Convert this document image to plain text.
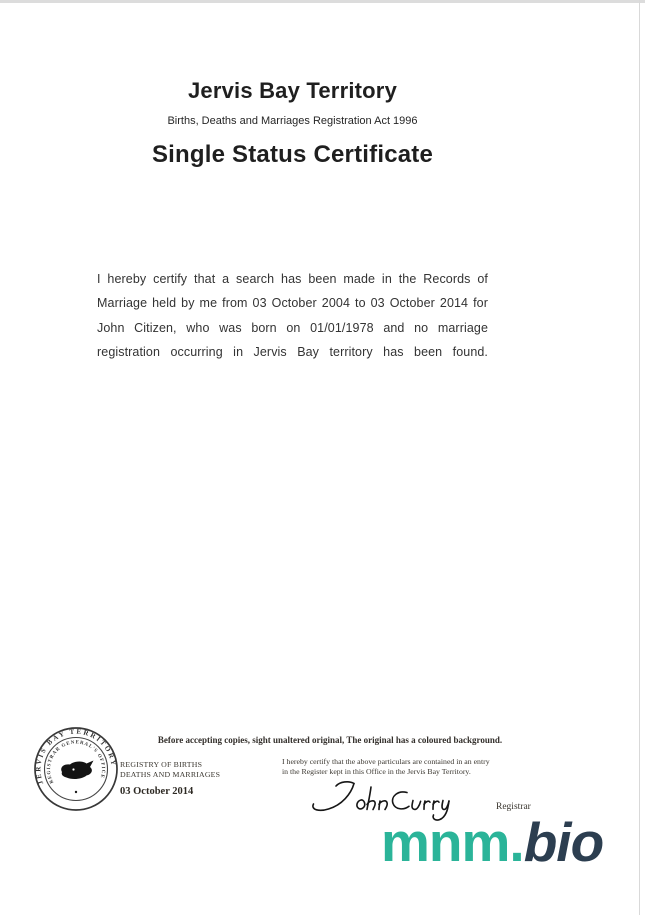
Jervis Bay Territory
Births, Deaths and Marriages Registration Act 1996
Single Status Certificate
I hereby certify that a search has been made in the Records of Marriage held by me from 03 October 2004 to 03 October 2014 for John Citizen, who was born on 01/01/1978 and no marriage registration occurring in Jervis Bay territory has been found.
JERVIS BAY TERRITORY
REGISTRAR GENERAL'S OFFICE
Before accepting copies, sight unaltered original, The original has a coloured background.
REGISTRY OF BIRTHS
DEATHS AND MARRIAGES
03 October 2014
I hereby certify that the above particulars are contained in an entry
in the Register kept in this Office in the Jervis Bay Territory.
Registrar
mnm.bio
